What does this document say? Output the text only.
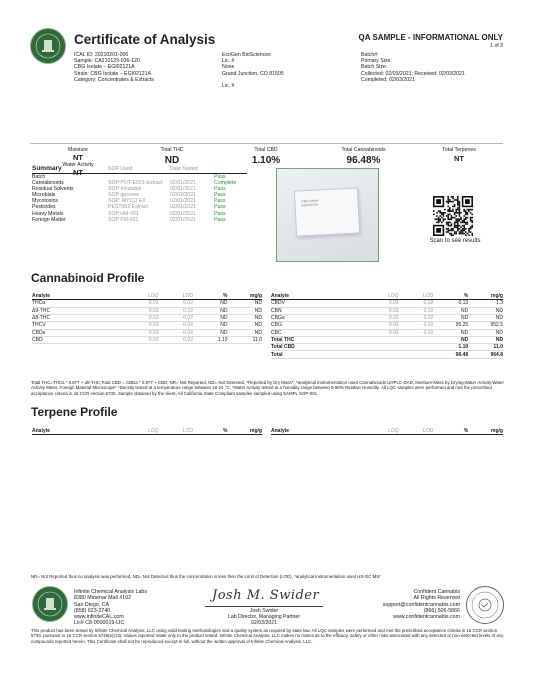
Certificate of Analysis	QA SAMPLE - INFORMATIONAL ONLY
1 of 3
ICAL ID: 20210201-006
Sample: CA210129-036-120
CBG Isolate – EGI02121A
Strain: CBG Isolate – EGI02121A
Category: Concentrates & Extracts
EcoGen BioSciences
Lic. #
None
Grand Junction, CO 81505
Lic. #
Batch#:
Primary Size:
Batch Size:
Collected: 02/03/2021; Received: 02/03/2021
Completed: 02/03/2021
Moisture
NT
Water Activity
NT
Total THC
ND
Total CBD
1.10%
Total Cannabinoids
96.48%
Total Terpenes
NT
Summary	SOP Used	Date Tested
Batch			Pass
Cannabinoids	SOP:POT-E001-Extract	02/01/2021	Complete
Residual Solvents	SOP:Inhalable	02/01/2021	Pass
Microbials	SOP:qpcrone	02/02/2021	Pass
Mycotoxins	SOP: MYCO EX	02/01/2021	Pass
Pesticides	PEST002:Extract	02/01/2021	Pass
Heavy Metals	SOP:HM-001	02/01/2021	Pass
Foreign Matter	SOP:FM-001	02/01/2021	Pass
CBG Isolate EGI02121A
Scan to see results
Cannabinoid Profile
Analyte	LOQ	LOD	%	mg/g
THCa	0.03	0.02	ND	ND
Δ9-THC	0.03	0.02	ND	ND
Δ8-THC	0.03	0.02	ND	ND
THCV	0.03	0.02	ND	ND
CBDa	0.03	0.02	ND	ND
CBD	0.03	0.02	1.10	11.0
Analyte	LOQ	LOD	%	mg/g
CBDV	0.03	0.02	0.13	1.3
CBN	0.03	0.02	ND	ND
CBGa	0.03	0.02	ND	ND
CBG	0.03	0.02	95.25	952.5
CBC	0.03	0.02	ND	ND
Total THC			ND	ND
Total CBD			1.10	11.0
Total			96.48	964.8
Total THC=THCa * 0.877 + d9-THC;Total CBD = CBDa * 0.877 + CBD; NR= Not Reported, ND= Not Detected, *Reported by Dry Mass*; *analytical instrumentation used Cannabinoids:UHPLC-DAD, Moisture:Mass by Drying,Water Activity:Water Activity Meter, Foreign Material:Microscope* *Density tested at a temperature range between 19-24 °C, *Water Activity tested at a humidity range between 0-90% Relative Humidity. All LQC samples were performed and met the prescribed acceptance criteria in 16 CCR section 5730. Sample obtained by the client, All California State Compliant samples sampled using SAMPL SOP-001
Terpene Profile
Analyte	LOQ	LOD	%	mg/g Analyte	LOQ	LOD	%	mg/g
NR= Not Reported thus no analysis was performed, ND= Not Detected thus the concentration is less then the Limit of Detection (LOD), *analytical instrumentation used HS-GC MS*
Infinite Chemical Analysis Labs
8380 Miramar Mall #102
San Diego, CA
(858) 623-2740
www.infiniteCAL.com
Lic# C8-0000019-LIC
Josh M. Swider
Josh Swider
Lab Director, Managing Partner
02/03/2021
Confident Cannabis
All Rights Reserved
support@confidentcannabis.com
(866) 506-5866
www.confidentcannabis.com
This product has been tested by Infinite Chemical Analysis, LLC using valid testing methodologies and a quality system as required by state law. All LQC samples were performed and met the prescribed acceptance criteria in 16 CCR section 5730, pursuant to 16 CCR section 5726(e)(13). Values reported relate only to the product tested. Infinite Chemical Analysis, LLC makes no claims as to the efficacy, safety or other risks associated with any detected or non-detected levels of any compounds reported herein. This Certificate shall not be reproduced except in full, without the written approval of Infinite Chemical Analysis, LLC.
